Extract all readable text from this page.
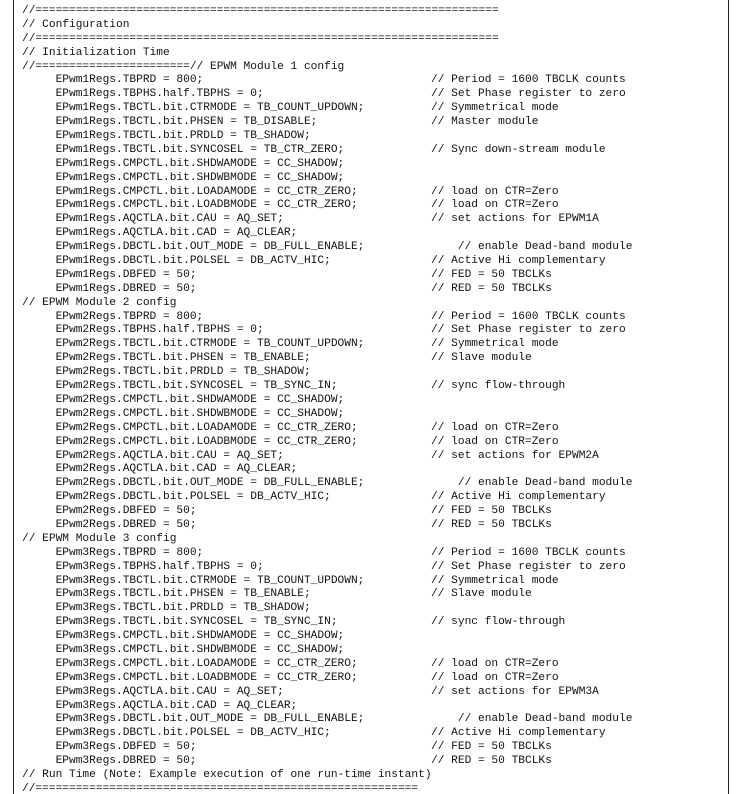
//=====================================================================
// Configuration
//=====================================================================
// Initialization Time
//=======================// EPWM Module 1 config
EPwm1Regs.TBPRD = 800;	// Period = 1600 TBCLK counts
EPwm1Regs.TBPHS.half.TBPHS = 0;	// Set Phase register to zero
EPwm1Regs.TBCTL.bit.CTRMODE = TB_COUNT_UPDOWN;	// Symmetrical mode
EPwm1Regs.TBCTL.bit.PHSEN = TB_DISABLE;	// Master module
EPwm1Regs.TBCTL.bit.PRDLD = TB_SHADOW;
EPwm1Regs.TBCTL.bit.SYNCOSEL = TB_CTR_ZERO;	// Sync down-stream module
EPwm1Regs.CMPCTL.bit.SHDWAMODE = CC_SHADOW;
EPwm1Regs.CMPCTL.bit.SHDWBMODE = CC_SHADOW;
EPwm1Regs.CMPCTL.bit.LOADAMODE = CC_CTR_ZERO;	// load on CTR=Zero
EPwm1Regs.CMPCTL.bit.LOADBMODE = CC_CTR_ZERO;	// load on CTR=Zero
EPwm1Regs.AQCTLA.bit.CAU = AQ_SET;	// set actions for EPWM1A
EPwm1Regs.AQCTLA.bit.CAD = AQ_CLEAR;
EPwm1Regs.DBCTL.bit.OUT_MODE = DB_FULL_ENABLE;	// enable Dead-band module
EPwm1Regs.DBCTL.bit.POLSEL = DB_ACTV_HIC;	// Active Hi complementary
EPwm1Regs.DBFED = 50;	// FED = 50 TBCLKs
EPwm1Regs.DBRED = 50;	// RED = 50 TBCLKs
// EPWM Module 2 config
EPwm2Regs.TBPRD = 800;	// Period = 1600 TBCLK counts
EPwm2Regs.TBPHS.half.TBPHS = 0;	// Set Phase register to zero
EPwm2Regs.TBCTL.bit.CTRMODE = TB_COUNT_UPDOWN;	// Symmetrical mode
EPwm2Regs.TBCTL.bit.PHSEN = TB_ENABLE;	// Slave module
EPwm2Regs.TBCTL.bit.PRDLD = TB_SHADOW;
EPwm2Regs.TBCTL.bit.SYNCOSEL = TB_SYNC_IN;	// sync flow-through
EPwm2Regs.CMPCTL.bit.SHDWAMODE = CC_SHADOW;
EPwm2Regs.CMPCTL.bit.SHDWBMODE = CC_SHADOW;
EPwm2Regs.CMPCTL.bit.LOADAMODE = CC_CTR_ZERO;	// load on CTR=Zero
EPwm2Regs.CMPCTL.bit.LOADBMODE = CC_CTR_ZERO;	// load on CTR=Zero
EPwm2Regs.AQCTLA.bit.CAU = AQ_SET;	// set actions for EPWM2A
EPwm2Regs.AQCTLA.bit.CAD = AQ_CLEAR;
EPwm2Regs.DBCTL.bit.OUT_MODE = DB_FULL_ENABLE;	// enable Dead-band module
EPwm2Regs.DBCTL.bit.POLSEL = DB_ACTV_HIC;	// Active Hi complementary
EPwm2Regs.DBFED = 50;	// FED = 50 TBCLKs
EPwm2Regs.DBRED = 50;	// RED = 50 TBCLKs
// EPWM Module 3 config
EPwm3Regs.TBPRD = 800;	// Period = 1600 TBCLK counts
EPwm3Regs.TBPHS.half.TBPHS = 0;	// Set Phase register to zero
EPwm3Regs.TBCTL.bit.CTRMODE = TB_COUNT_UPDOWN;	// Symmetrical mode
EPwm3Regs.TBCTL.bit.PHSEN = TB_ENABLE;	// Slave module
EPwm3Regs.TBCTL.bit.PRDLD = TB_SHADOW;
EPwm3Regs.TBCTL.bit.SYNCOSEL = TB_SYNC_IN;	// sync flow-through
EPwm3Regs.CMPCTL.bit.SHDWAMODE = CC_SHADOW;
EPwm3Regs.CMPCTL.bit.SHDWBMODE = CC_SHADOW;
EPwm3Regs.CMPCTL.bit.LOADAMODE = CC_CTR_ZERO;	// load on CTR=Zero
EPwm3Regs.CMPCTL.bit.LOADBMODE = CC_CTR_ZERO;	// load on CTR=Zero
EPwm3Regs.AQCTLA.bit.CAU = AQ_SET;	// set actions for EPWM3A
EPwm3Regs.AQCTLA.bit.CAD = AQ_CLEAR;
EPwm3Regs.DBCTL.bit.OUT_MODE = DB_FULL_ENABLE;	// enable Dead-band module
EPwm3Regs.DBCTL.bit.POLSEL = DB_ACTV_HIC;	// Active Hi complementary
EPwm3Regs.DBFED = 50;	// FED = 50 TBCLKs
EPwm3Regs.DBRED = 50;	// RED = 50 TBCLKs
// Run Time (Note: Example execution of one run-time instant)
//=========================================================
